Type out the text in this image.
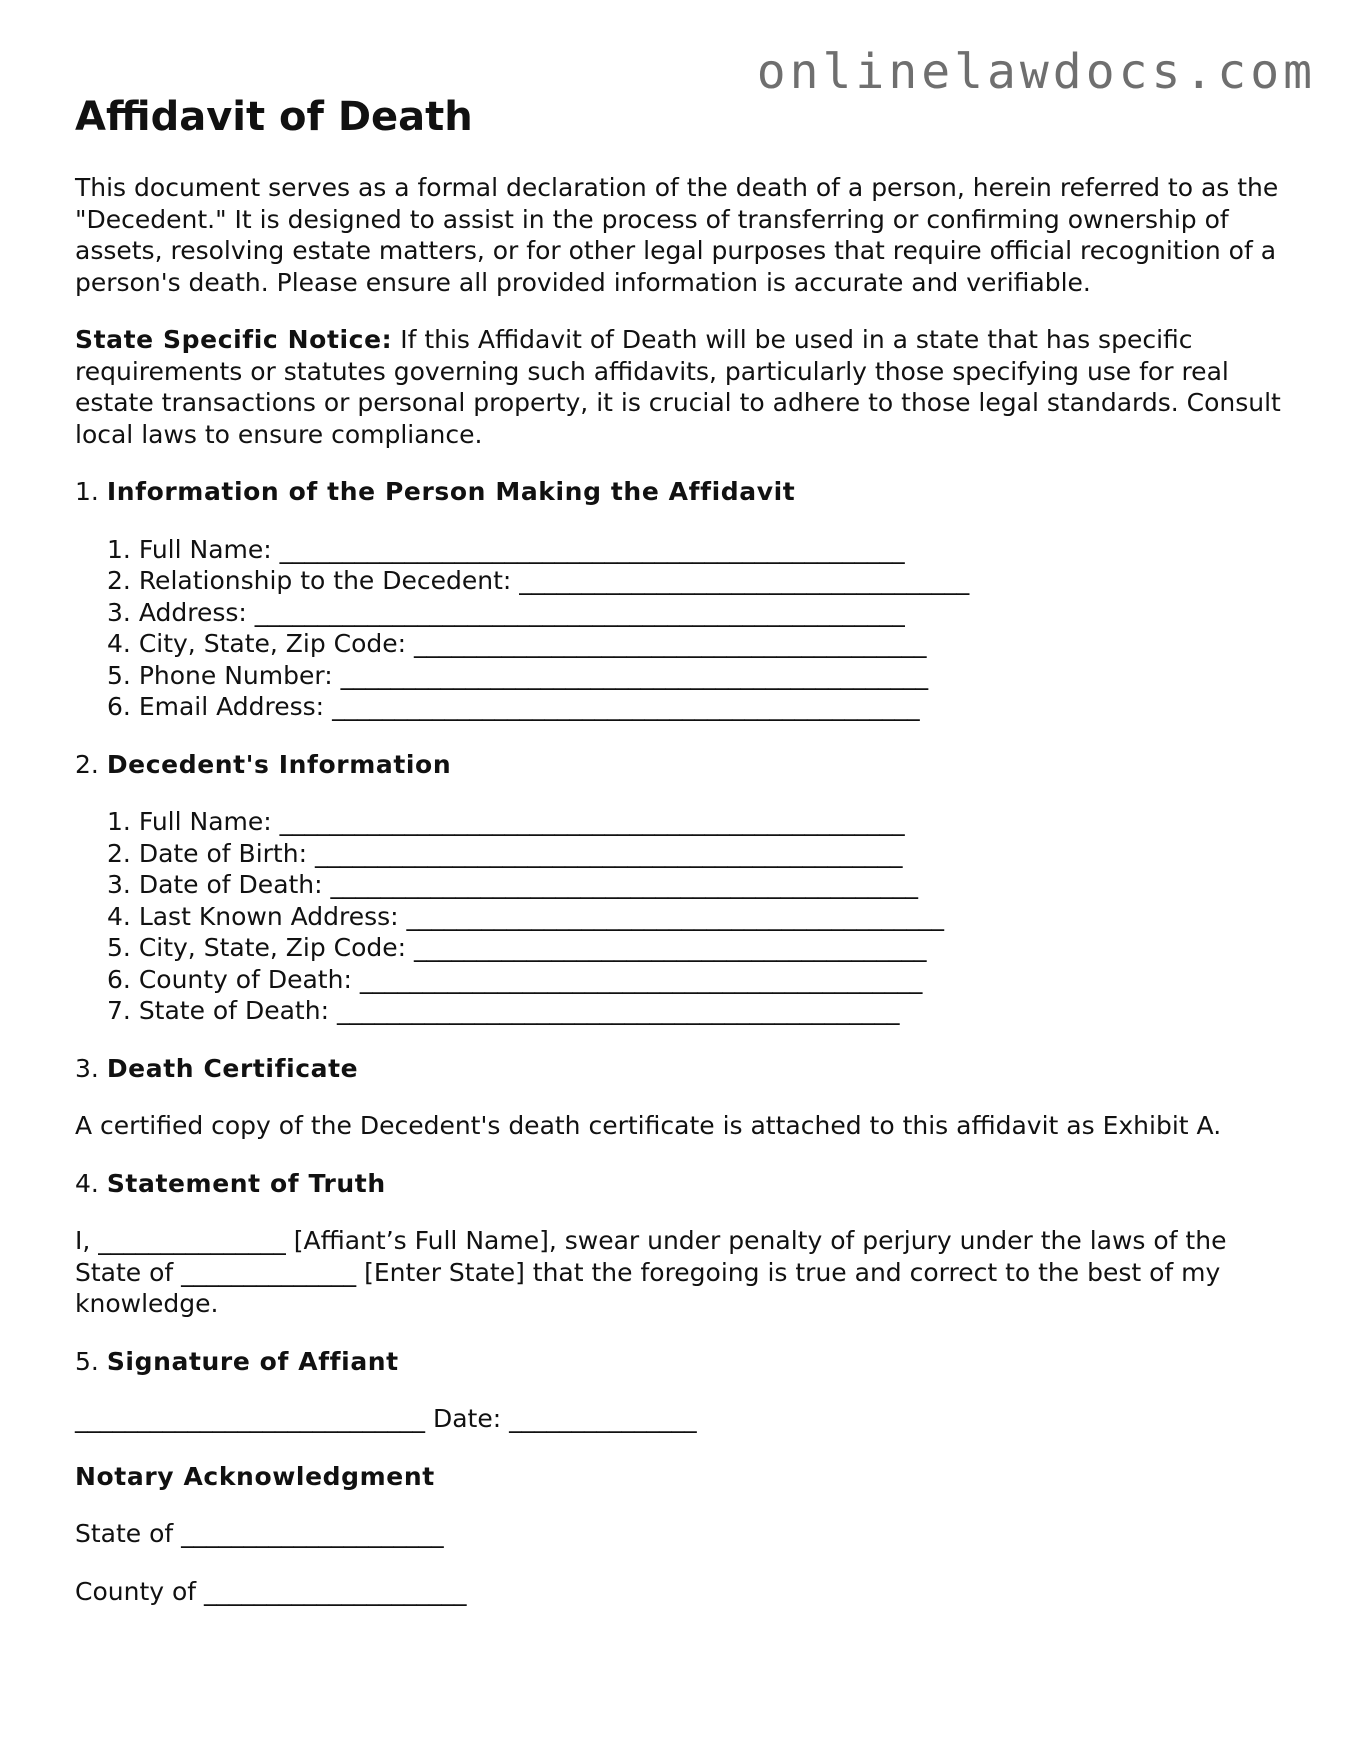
onlinelawdocs.com
Affidavit of Death

This document serves as a formal declaration of the death of a person, herein referred to as the "Decedent." It is designed to assist in the process of transferring or confirming ownership of assets, resolving estate matters, or for other legal purposes that require official recognition of a person's death. Please ensure all provided information is accurate and verifiable.

State Specific Notice: If this Affidavit of Death will be used in a state that has specific requirements or statutes governing such affidavits, particularly those specifying use for real estate transactions or personal property, it is crucial to adhere to those legal standards. Consult local laws to ensure compliance.

1. Information of the Person Making the Affidavit
1. Full Name: __________________________________________________
2. Relationship to the Decedent: ____________________________________
3. Address: ____________________________________________________
4. City, State, Zip Code: _________________________________________
5. Phone Number: _______________________________________________
6. Email Address: _______________________________________________
2. Decedent's Information
1. Full Name: __________________________________________________
2. Date of Birth: _______________________________________________
3. Date of Death: _______________________________________________
4. Last Known Address: ___________________________________________
5. City, State, Zip Code: _________________________________________
6. County of Death: _____________________________________________
7. State of Death: _____________________________________________
3. Death Certificate

A certified copy of the Decedent's death certificate is attached to this affidavit as Exhibit A.

4. Statement of Truth

I, _______________ [Affiant’s Full Name], swear under penalty of perjury under the laws of the State of ______________ [Enter State] that the foregoing is true and correct to the best of my knowledge.

5. Signature of Affiant

____________________________ Date: _______________

Notary Acknowledgment

State of _____________________

County of _____________________
